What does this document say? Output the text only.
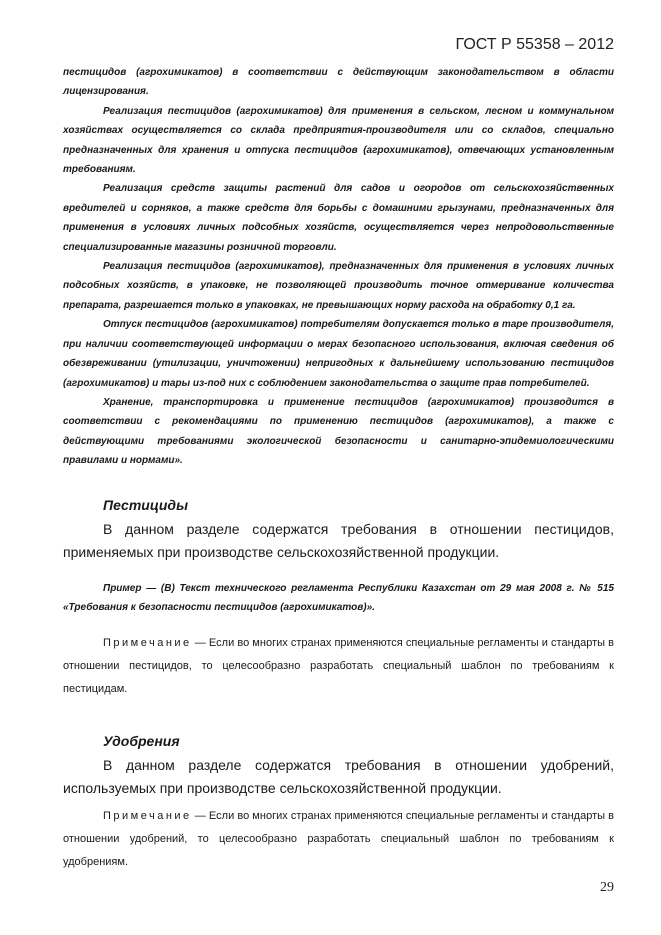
ГОСТ Р 55358 – 2012

пестицидов (агрохимикатов) в соответствии с действующим законодательством в области лицензирования.

Реализация пестицидов (агрохимикатов) для применения в сельском, лесном и коммунальном хозяйствах осуществляется со склада предприятия-производителя или со складов, специально предназначенных для хранения и отпуска пестицидов (агрохимикатов), отвечающих установленным требованиям.

Реализация средств защиты растений для садов и огородов от сельскохозяйственных вредителей и сорняков, а также средств для борьбы с домашними грызунами, предназначенных для применения в условиях личных подсобных хозяйств, осуществляется через непродовольственные специализированные магазины розничной торговли.

Реализация пестицидов (агрохимикатов), предназначенных для применения в условиях личных подсобных хозяйств, в упаковке, не позволяющей производить точное отмеривание количества препарата, разрешается только в упаковках, не превышающих норму расхода на обработку 0,1 га.

Отпуск пестицидов (агрохимикатов) потребителям допускается только в таре производителя, при наличии соответствующей информации о мерах безопасного использования, включая сведения об обезвреживании (утилизации, уничтожении) непригодных к дальнейшему использованию пестицидов (агрохимикатов) и тары из-под них с соблюдением законодательства о защите прав потребителей.

Хранение, транспортировка и применение пестицидов (агрохимикатов) производится в соответствии с рекомендациями по применению пестицидов (агрохимикатов), а также с действующими требованиями экологической безопасности и санитарно-эпидемиологическими правилами и нормами».

Пестициды

В данном разделе содержатся требования в отношении пестицидов, применяемых при производстве сельскохозяйственной продукции.

Пример — (B) Текст технического регламента Республики Казахстан от 29 мая 2008 г. № 515 «Требования к безопасности пестицидов (агрохимикатов)».

Примечание — Если во многих странах применяются специальные регламенты и стандарты в отношении пестицидов, то целесообразно разработать специальный шаблон по требованиям к пестицидам.

Удобрения

В данном разделе содержатся требования в отношении удобрений, используемых при производстве сельскохозяйственной продукции.

Примечание — Если во многих странах применяются специальные регламенты и стандарты в отношении удобрений, то целесообразно разработать специальный шаблон по требованиям к удобрениям.

29
